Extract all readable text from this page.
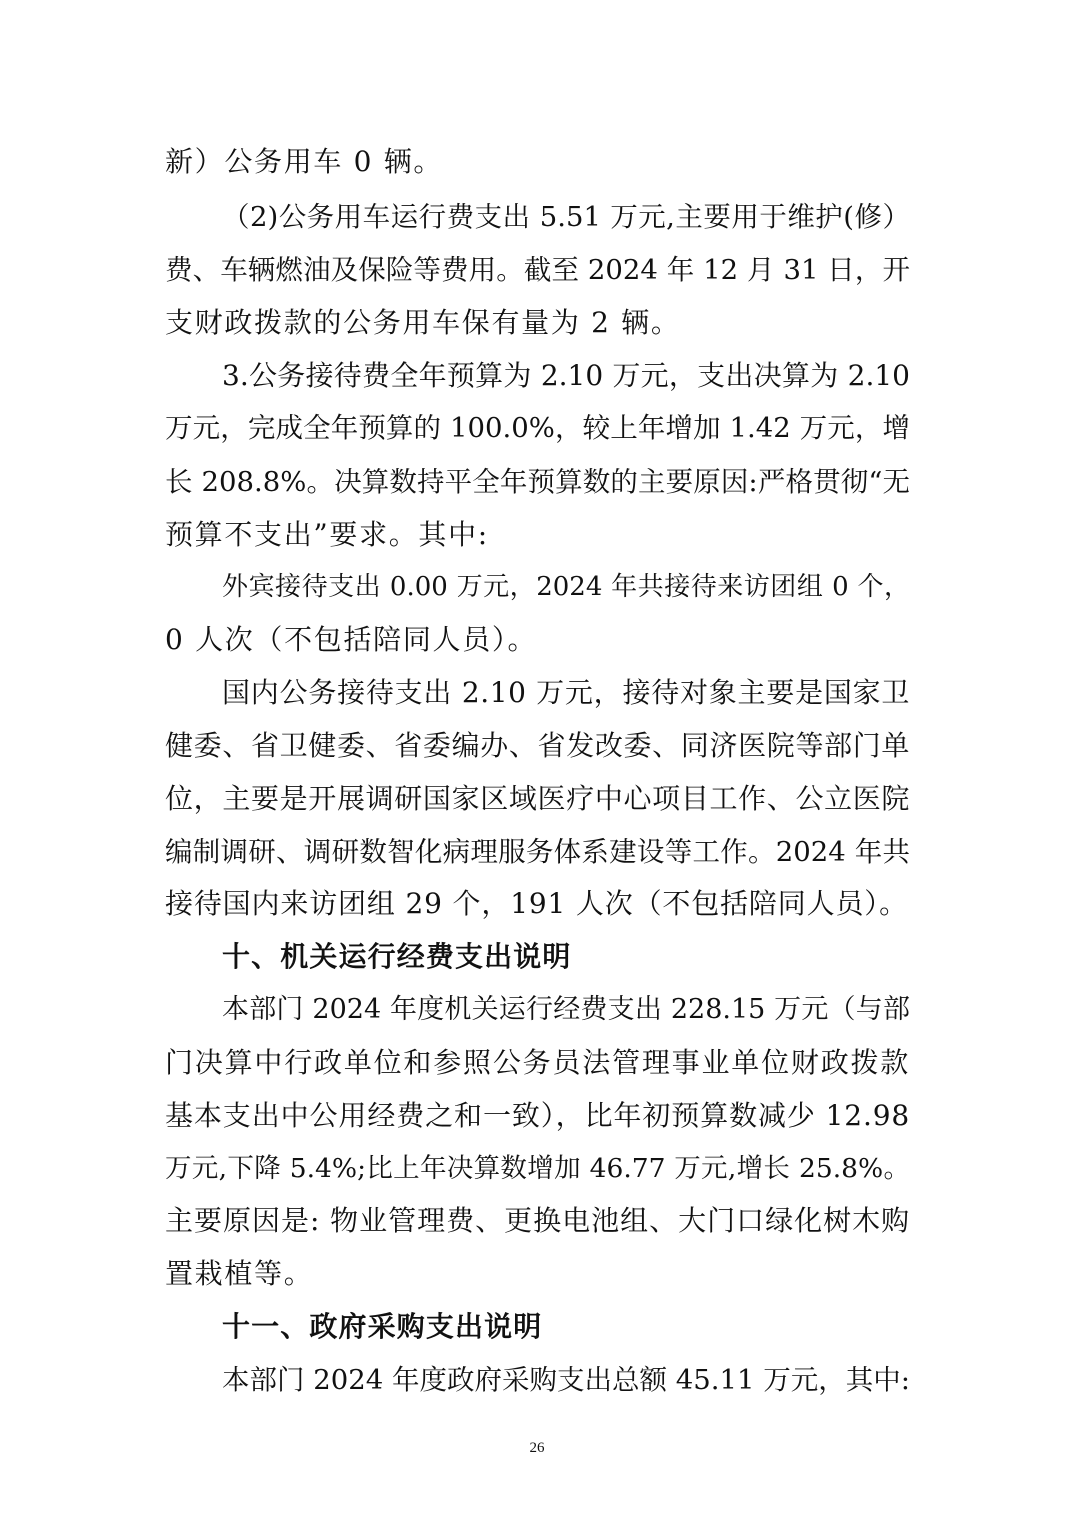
新）公务用车 0 辆。
（2)公务用车运行费支出 5.51 万元,主要用于维护(修）
费、车辆燃油及保险等费用。截至 2024 年 12 月 31 日，开
支财政拨款的公务用车保有量为 2 辆。
3.公务接待费全年预算为 2.10 万元，支出决算为 2.10
万元，完成全年预算的 100.0%，较上年增加 1.42 万元，增
长 208.8%。决算数持平全年预算数的主要原因:严格贯彻“无
预算不支出”要求。其中:
外宾接待支出 0.00 万元，2024 年共接待来访团组 0 个，
0 人次（不包括陪同人员）。
国内公务接待支出 2.10 万元，接待对象主要是国家卫
健委、省卫健委、省委编办、省发改委、同济医院等部门单
位，主要是开展调研国家区域医疗中心项目工作、公立医院
编制调研、调研数智化病理服务体系建设等工作。2024 年共
接待国内来访团组 29 个，191 人次（不包括陪同人员）。
十、机关运行经费支出说明
本部门 2024 年度机关运行经费支出 228.15 万元（与部
门决算中行政单位和参照公务员法管理事业单位财政拨款
基本支出中公用经费之和一致），比年初预算数减少 12.98
万元,下降 5.4%;比上年决算数增加 46.77 万元,增长 25.8%。
主要原因是: 物业管理费、更换电池组、大门口绿化树木购
置栽植等。
十一、政府采购支出说明
本部门 2024 年度政府采购支出总额 45.11 万元，其中:
26
